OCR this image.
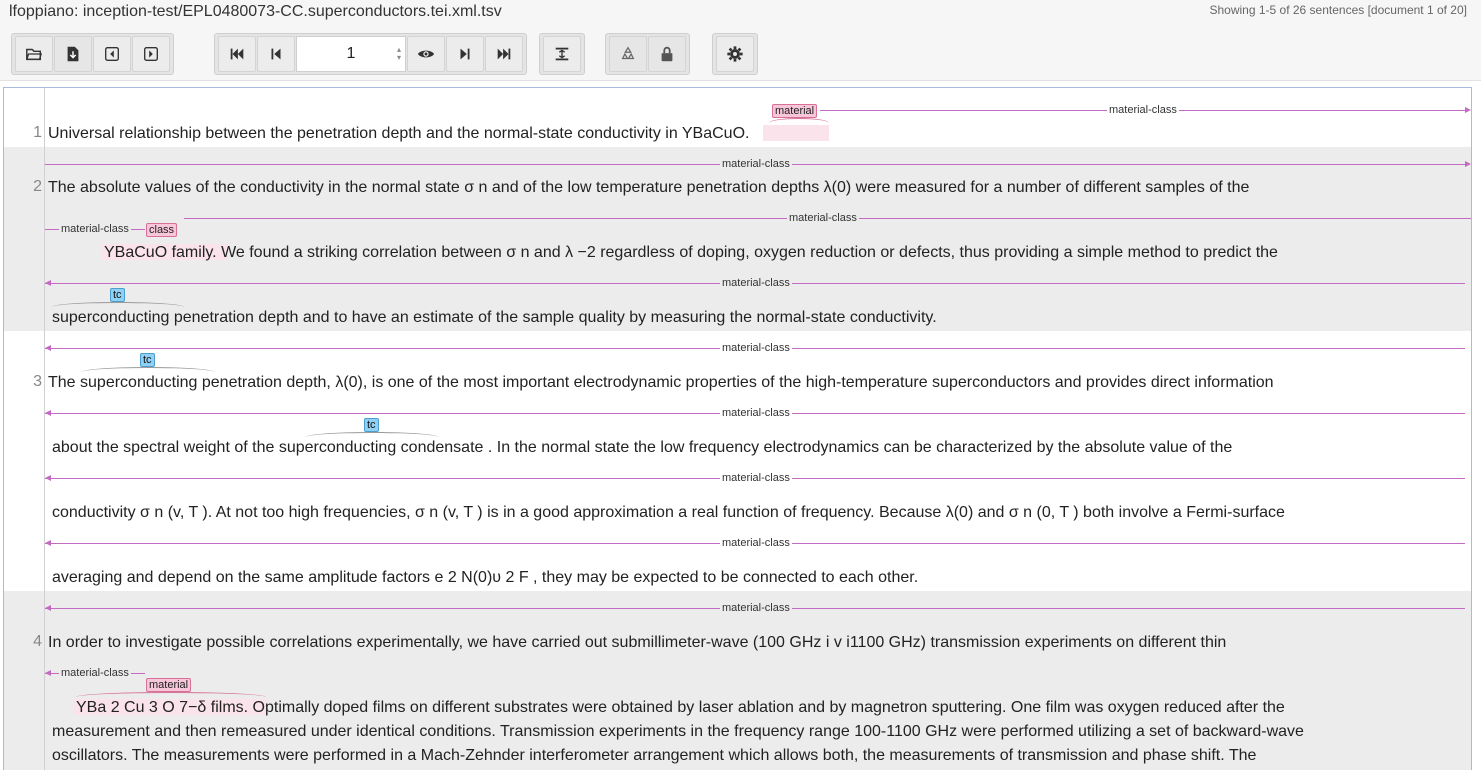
lfoppiano: inception-test/EPL0480073-CC.superconductors.tei.xml.tsv	Showing 1-5 of 26 sentences [document 1 of 20]
1	▴
▾
material	material-class
1 Universal relationship between the penetration depth and the normal-state conductivity in YBaCuO.
material-class
2 The absolute values of the conductivity in the normal state σ n and of the low temperature penetration depths λ(0) were measured for a number of different samples of the
material-class
material-class class
YBaCuO family. We found a striking correlation between σ n and λ −2 regardless of doping, oxygen reduction or defects, thus providing a simple method to predict the
material-class
tc
superconducting penetration depth and to have an estimate of the sample quality by measuring the normal-state conductivity.
material-class
tc
3 The superconducting penetration depth, λ(0), is one of the most important electrodynamic properties of the high-temperature superconductors and provides direct information
material-class
tc
about the spectral weight of the superconducting condensate . In the normal state the low frequency electrodynamics can be characterized by the absolute value of the
material-class
conductivity σ n (v, T ). At not too high frequencies, σ n (v, T ) is in a good approximation a real function of frequency. Because λ(0) and σ n (0, T ) both involve a Fermi-surface
material-class
averaging and depend on the same amplitude factors e 2 N(0)υ 2 F , they may be expected to be connected to each other.
material-class
4 In order to investigate possible correlations experimentally, we have carried out submillimeter-wave (100 GHz i v i1100 GHz) transmission experiments on different thin
material-class
material
YBa 2 Cu 3 O 7−δ films. Optimally doped films on different substrates were obtained by laser ablation and by magnetron sputtering. One film was oxygen reduced after the
measurement and then remeasured under identical conditions. Transmission experiments in the frequency range 100-1100 GHz were performed utilizing a set of backward-wave
oscillators. The measurements were performed in a Mach-Zehnder interferometer arrangement which allows both, the measurements of transmission and phase shift. The
